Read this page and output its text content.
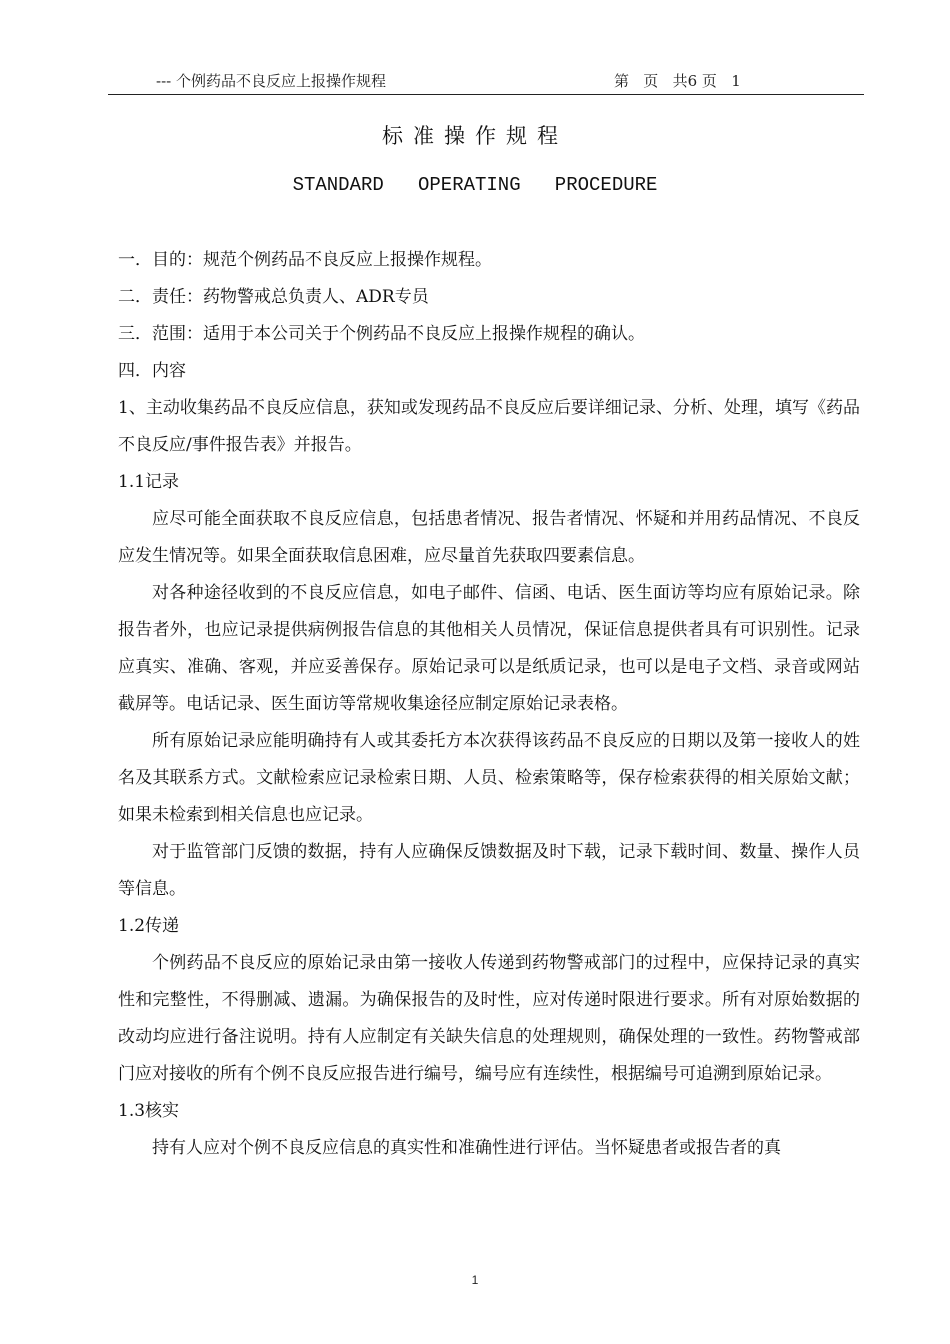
--- 个例药品不良反应上报操作规程	第   页   共6 页   1
标准操作规程
STANDARD   OPERATING   PROCEDURE

一．目的：规范个例药品不良反应上报操作规程。

二．责任：药物警戒总负责人、ADR专员

三．范围：适用于本公司关于个例药品不良反应上报操作规程的确认。

四．内容

1、主动收集药品不良反应信息，获知或发现药品不良反应后要详细记录、分析、处理，填写《药品不良反应/事件报告表》并报告。

1.1记录

应尽可能全面获取不良反应信息，包括患者情况、报告者情况、怀疑和并用药品情况、不良反应发生情况等。如果全面获取信息困难，应尽量首先获取四要素信息。

对各种途径收到的不良反应信息，如电子邮件、信函、电话、医生面访等均应有原始记录。除报告者外，也应记录提供病例报告信息的其他相关人员情况，保证信息提供者具有可识别性。记录应真实、准确、客观，并应妥善保存。原始记录可以是纸质记录，也可以是电子文档、录音或网站截屏等。电话记录、医生面访等常规收集途径应制定原始记录表格。

所有原始记录应能明确持有人或其委托方本次获得该药品不良反应的日期以及第一接收人的姓名及其联系方式。文献检索应记录检索日期、人员、检索策略等，保存检索获得的相关原始文献；如果未检索到相关信息也应记录。

对于监管部门反馈的数据，持有人应确保反馈数据及时下载，记录下载时间、数量、操作人员等信息。

1.2传递

个例药品不良反应的原始记录由第一接收人传递到药物警戒部门的过程中，应保持记录的真实性和完整性，不得删减、遗漏。为确保报告的及时性，应对传递时限进行要求。所有对原始数据的改动均应进行备注说明。持有人应制定有关缺失信息的处理规则，确保处理的一致性。药物警戒部门应对接收的所有个例不良反应报告进行编号，编号应有连续性，根据编号可追溯到原始记录。

1.3核实

持有人应对个例不良反应信息的真实性和准确性进行评估。当怀疑患者或报告者的真

1
